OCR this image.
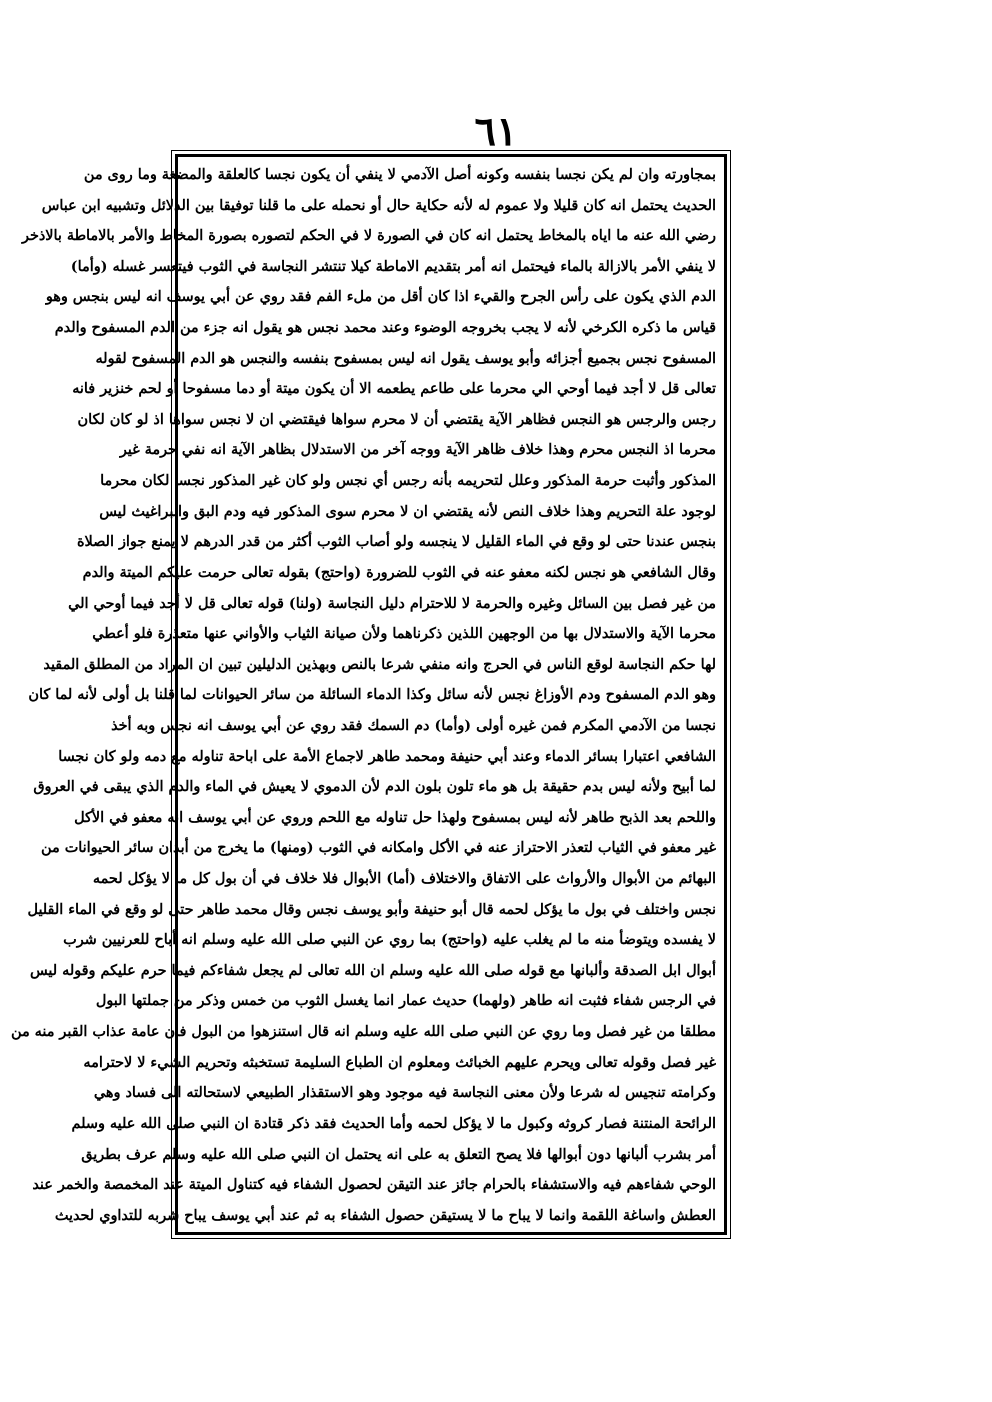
٦١
بمجاورته وان لم يكن نجسا بنفسه وكونه أصل الآدمي لا ينفي أن يكون نجسا كالعلقة والمضغة وما روى من
الحديث يحتمل انه كان قليلا ولا عموم له لأنه حكاية حال أو نحمله على ما قلنا توفيقا بين الدلائل وتشبيه ابن عباس
رضي الله عنه ما اياه بالمخاط يحتمل انه كان في الصورة لا في الحكم لتصوره بصورة المخاط والأمر بالاماطة بالاذخر
لا ينفي الأمر بالازالة بالماء فيحتمل انه أمر بتقديم الاماطة كيلا تنتشر النجاسة في الثوب فيتعسر غسله (وأما)
الدم الذي يكون على رأس الجرح والقيء اذا كان أقل من ملء الفم فقد روي عن أبي يوسف انه ليس بنجس وهو
قياس ما ذكره الكرخي لأنه لا يجب بخروجه الوضوء وعند محمد نجس هو يقول انه جزء من الدم المسفوح والدم
المسفوح نجس بجميع أجزائه وأبو يوسف يقول انه ليس بمسفوح بنفسه والنجس هو الدم المسفوح لقوله
تعالى قل لا أجد فيما أوحي الي محرما على طاعم يطعمه الا أن يكون ميتة أو دما مسفوحا أو لحم خنزير فانه
رجس والرجس هو النجس فظاهر الآية يقتضي أن لا محرم سواها فيقتضي ان لا نجس سواها اذ لو كان لكان
محرما اذ النجس محرم وهذا خلاف ظاهر الآية ووجه آخر من الاستدلال بظاهر الآية انه نفي حرمة غير
المذكور وأثبت حرمة المذكور وعلل لتحريمه بأنه رجس أي نجس ولو كان غير المذكور نجسا لكان محرما
لوجود علة التحريم وهذا خلاف النص لأنه يقتضي ان لا محرم سوى المذكور فيه ودم البق والبراغيث ليس
بنجس عندنا حتى لو وقع في الماء القليل لا ينجسه ولو أصاب الثوب أكثر من قدر الدرهم لا يمنع جواز الصلاة
وقال الشافعي هو نجس لكنه معفو عنه في الثوب للضرورة (واحتج) بقوله تعالى حرمت عليكم الميتة والدم
من غير فصل بين السائل وغيره والحرمة لا للاحترام دليل النجاسة (ولنا) قوله تعالى قل لا أجد فيما أوحي الي
محرما الآية والاستدلال بها من الوجهين اللذين ذكرناهما ولأن صيانة الثياب والأواني عنها متعذرة فلو أعطي
لها حكم النجاسة لوقع الناس في الحرج وانه منفي شرعا بالنص وبهذين الدليلين تبين ان المراد من المطلق المقيد
وهو الدم المسفوح ودم الأوزاغ نجس لأنه سائل وكذا الدماء السائلة من سائر الحيوانات لما قلنا بل أولى لأنه لما كان
نجسا من الآدمي المكرم فمن غيره أولى (وأما) دم السمك فقد روي عن أبي يوسف انه نجس وبه أخذ
الشافعي اعتبارا بسائر الدماء وعند أبي حنيفة ومحمد طاهر لاجماع الأمة على اباحة تناوله مع دمه ولو كان نجسا
لما أبيح ولأنه ليس بدم حقيقة بل هو ماء تلون بلون الدم لأن الدموي لا يعيش في الماء والدم الذي يبقى في العروق
واللحم بعد الذبح طاهر لأنه ليس بمسفوح ولهذا حل تناوله مع اللحم وروي عن أبي يوسف انه معفو في الأكل
غير معفو في الثياب لتعذر الاحتراز عنه في الأكل وامكانه في الثوب (ومنها) ما يخرج من أبدان سائر الحيوانات من
البهائم من الأبوال والأرواث على الاتفاق والاختلاف (أما) الأبوال فلا خلاف في أن بول كل ما لا يؤكل لحمه
نجس واختلف في بول ما يؤكل لحمه قال أبو حنيفة وأبو يوسف نجس وقال محمد طاهر حتى لو وقع في الماء القليل
لا يفسده ويتوضأ منه ما لم يغلب عليه (واحتج) بما روي عن النبي صلى الله عليه وسلم انه أباح للعرنيين شرب
أبوال ابل الصدقة وألبانها مع قوله صلى الله عليه وسلم ان الله تعالى لم يجعل شفاءكم فيما حرم عليكم وقوله ليس
في الرجس شفاء فثبت انه طاهر (ولهما) حديث عمار انما يغسل الثوب من خمس وذكر من جملتها البول
مطلقا من غير فصل وما روي عن النبي صلى الله عليه وسلم انه قال استنزهوا من البول فان عامة عذاب القبر منه من
غير فصل وقوله تعالى ويحرم عليهم الخبائث ومعلوم ان الطباع السليمة تستخبثه وتحريم الشيء لا لاحترامه
وكرامته تنجيس له شرعا ولأن معنى النجاسة فيه موجود وهو الاستقذار الطبيعي لاستحالته الى فساد وهي
الرائحة المنتنة فصار كروثه وكبول ما لا يؤكل لحمه وأما الحديث فقد ذكر قتادة ان النبي صلى الله عليه وسلم
أمر بشرب ألبانها دون أبوالها فلا يصح التعلق به على انه يحتمل ان النبي صلى الله عليه وسلم عرف بطريق
الوحي شفاءهم فيه والاستشفاء بالحرام جائز عند التيقن لحصول الشفاء فيه كتناول الميتة عند المخمصة والخمر عند
العطش واساغة اللقمة وانما لا يباح ما لا يستيقن حصول الشفاء به ثم عند أبي يوسف يباح شربه للتداوي لحديث
